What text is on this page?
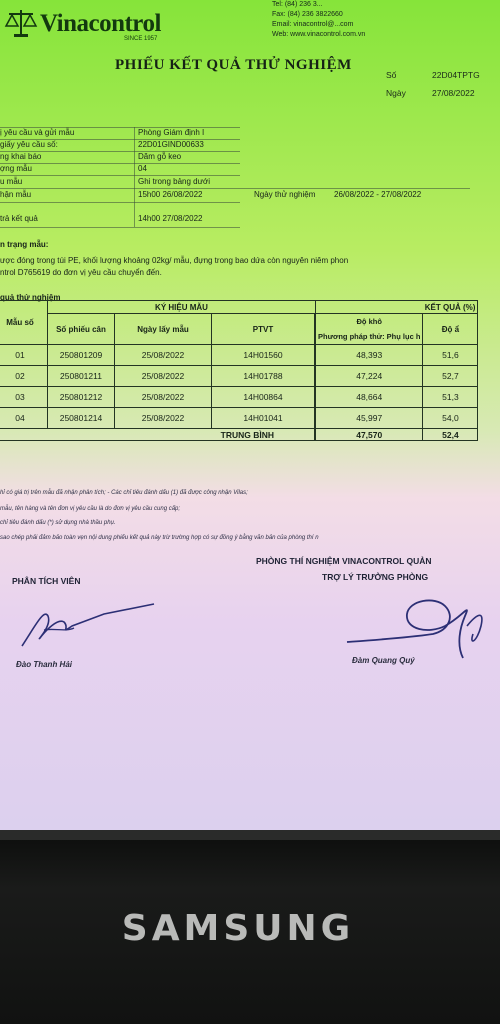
Vinacontrol
SINCE 1957
Tel: (84) 236 3...
Fax: (84) 236 3822660
Email: vinacontrol@...com
Web: www.vinacontrol.com.vn
PHIẾU KẾT QUẢ THỬ NGHIỆM
Số	22D04TPTG
Ngày	27/08/2022
ị yêu cầu và gửi mẫu	Phòng Giám định I
giấy yêu cầu số:	22D01GIND00633
ng khai báo	Dăm gỗ keo
ợng mẫu	04
u mẫu	Ghi trong bảng dưới
hận mẫu	15h00 26/08/2022	Ngày thử nghiệm 26/08/2022 - 27/08/2022
trả kết quả	14h00 27/08/2022
n trạng mẫu:
ược đóng trong túi PE, khối lượng khoảng 02kg/ mẫu, đựng trong bao dứa còn nguyên niêm phon
ntrol D765619 do đơn vị yêu cầu chuyển đến.
quả thử nghiệm
Mẫu số	KÝ HIỆU MẪU			KẾT QUẢ (%)	
	Số phiếu cân	Ngày lấy mẫu	PTVT		Độ khô
Phương pháp thử: Phụ lục h	Độ ẩ
01	250801209	25/08/2022	14H01560		48,393	51,6
02	250801211	25/08/2022	14H01788		47,224	52,7
03	250801212	25/08/2022	14H00864		48,664	51,3
04	250801214	25/08/2022	14H01041		45,997	54,0
TRUNG BÌNH				47,570	52,4
hỉ có giá trị trên mẫu đã nhận phân tích; - Các chỉ tiêu đánh dấu (1) đã được công nhận Vilas;
mẫu, tên hàng và tên đơn vị yêu cầu là do đơn vị yêu cầu cung cấp;
chỉ tiêu đánh dấu (*) sử dụng nhà thầu phụ.
sao chép phải đảm bảo toàn vẹn nội dung phiếu kết quả này trừ trường hợp có sự đồng ý bằng văn bản của phòng thí n
PHÒNG THÍ NGHIỆM VINACONTROL QUẢN
TRỢ LÝ TRƯỞNG PHÒNG
PHÂN TÍCH VIÊN
Đào Thanh Hải	Đàm Quang Quý
SAMSUNG
